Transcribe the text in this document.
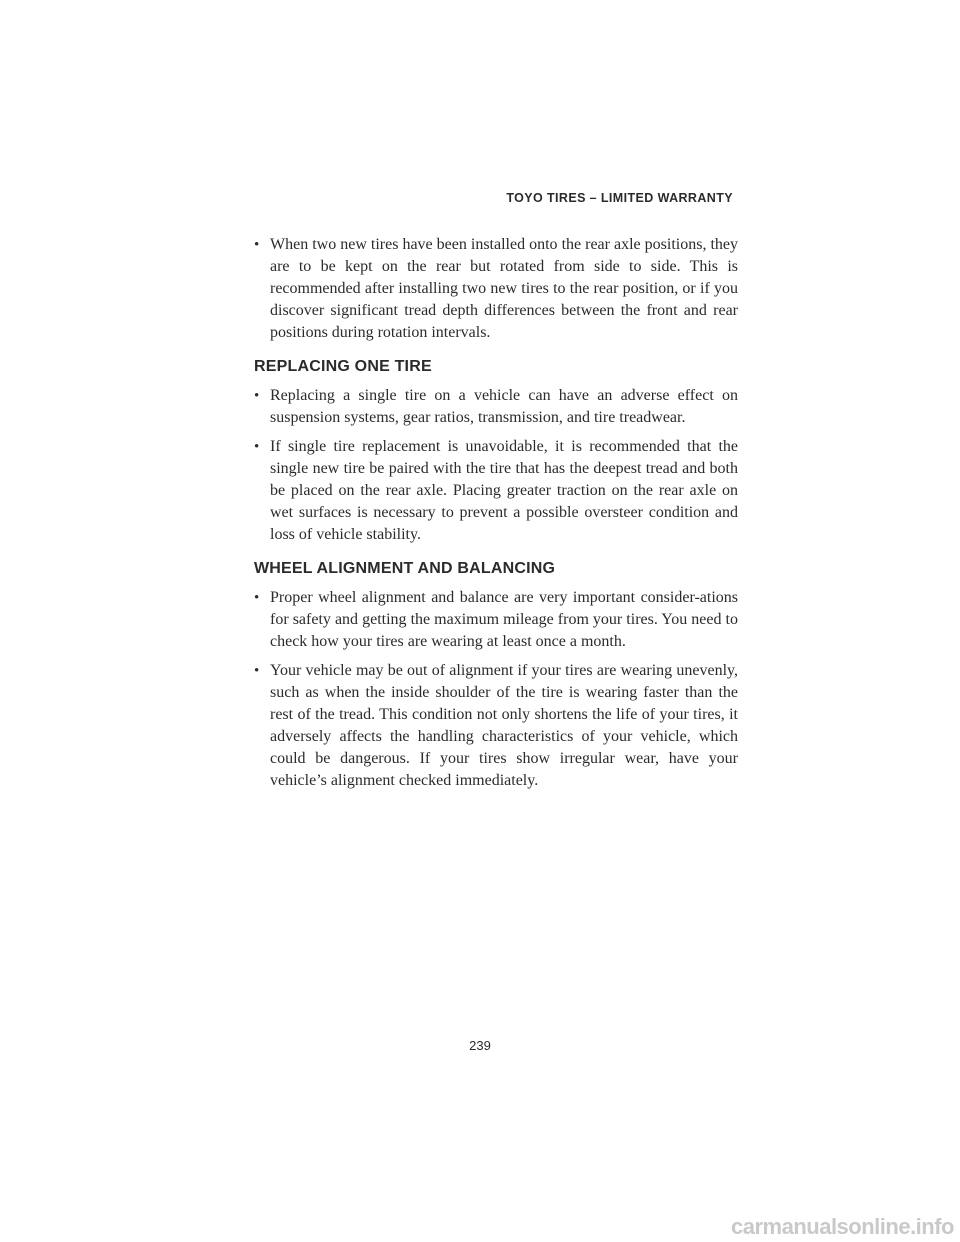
TOYO TIRES – LIMITED WARRANTY
• When two new tires have been installed onto the rear axle positions, they are to be kept on the rear but rotated from side to side. This is recommended after installing two new tires to the rear position, or if you discover significant tread depth differences between the front and rear positions during rotation intervals.
REPLACING ONE TIRE
• Replacing a single tire on a vehicle can have an adverse effect on suspension systems, gear ratios, transmission, and tire treadwear.
• If single tire replacement is unavoidable, it is recommended that the single new tire be paired with the tire that has the deepest tread and both be placed on the rear axle. Placing greater traction on the rear axle on wet surfaces is necessary to prevent a possible oversteer condition and loss of vehicle stability.
WHEEL ALIGNMENT AND BALANCING
• Proper wheel alignment and balance are very important consider-ations for safety and getting the maximum mileage from your tires. You need to check how your tires are wearing at least once a month.
• Your vehicle may be out of alignment if your tires are wearing unevenly, such as when the inside shoulder of the tire is wearing faster than the rest of the tread. This condition not only shortens the life of your tires, it adversely affects the handling characteristics of your vehicle, which could be dangerous. If your tires show irregular wear, have your vehicle’s alignment checked immediately.
239
carmanualsonline.info
